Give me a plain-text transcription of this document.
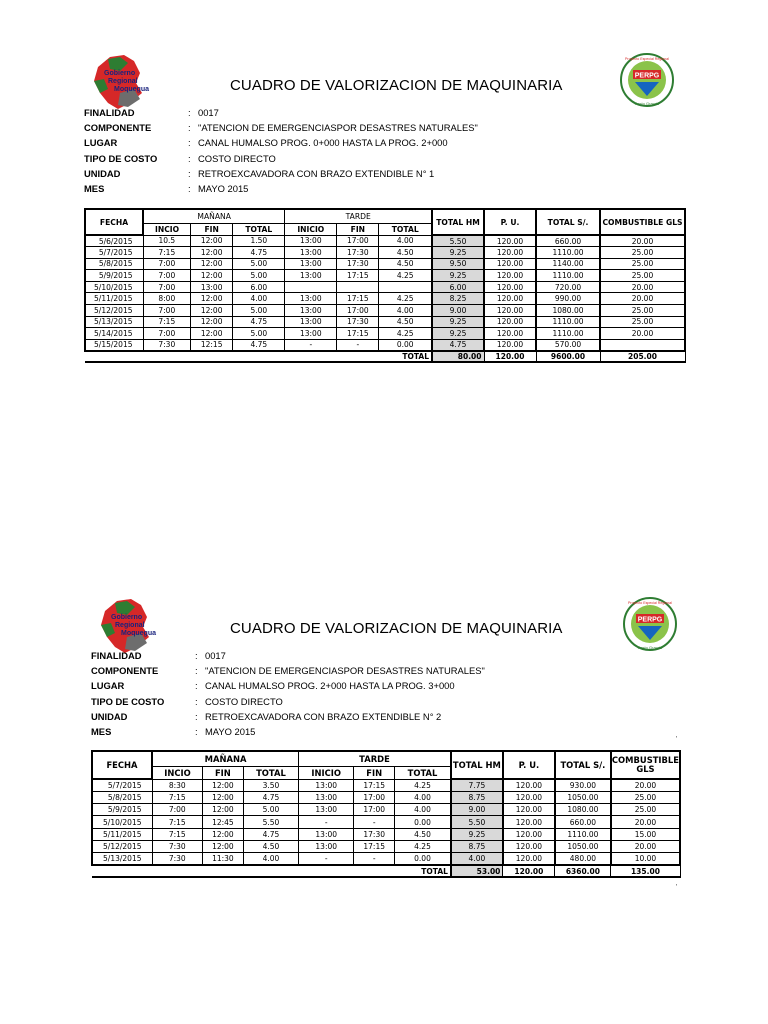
Gobierno
Regional
Moquegua	CUADRO DE VALORIZACION DE MAQUINARIA
PERPG
Proyecto Especial Regional
Pasto Grande
FINALIDAD	: 0017
COMPONENTE	: "ATENCION DE EMERGENCIASPOR DESASTRES NATURALES"
LUGAR	: CANAL HUMALSO PROG. 0+000 HASTA LA PROG. 2+000
TIPO DE COSTO	: COSTO DIRECTO
UNIDAD	: RETROEXCAVADORA CON BRAZO EXTENDIBLE N° 1
MES	: MAYO 2015
FECHA	MAÑANA			TARDE			TOTAL HM	P. U.	TOTAL S/.	COMBUSTIBLE GLS
	INCIO	FIN	TOTAL	INICIO	FIN	TOTAL				
5/6/2015	10.5	12:00	1.50	13:00	17:00	4.00	5.50	120.00	660.00	20.00
5/7/2015	7:15	12:00	4.75	13:00	17:30	4.50	9.25	120.00	1110.00	25.00
5/8/2015	7:00	12:00	5.00	13:00	17:30	4.50	9.50	120.00	1140.00	25.00
5/9/2015	7:00	12:00	5.00	13:00	17:15	4.25	9.25	120.00	1110.00	25.00
5/10/2015	7:00	13:00	6.00				6.00	120.00	720.00	20.00
5/11/2015	8:00	12:00	4.00	13:00	17:15	4.25	8.25	120.00	990.00	20.00
5/12/2015	7:00	12:00	5.00	13:00	17:00	4.00	9.00	120.00	1080.00	25.00
5/13/2015	7:15	12:00	4.75	13:00	17:30	4.50	9.25	120.00	1110.00	25.00
5/14/2015	7:00	12:00	5.00	13:00	17:15	4.25	9.25	120.00	1110.00	20.00
5/15/2015	7:30	12:15	4.75	-	-	0.00	4.75	120.00	570.00	
TOTAL							80.00	120.00	9600.00	205.00

Gobierno
Regional
Moquegua	CUADRO DE VALORIZACION DE MAQUINARIA	PERPG
Proyecto Especial Regional
Pasto Grande
FINALIDAD	: 0017
COMPONENTE	: "ATENCION DE EMERGENCIASPOR DESASTRES NATURALES"
LUGAR	: CANAL HUMALSO PROG. 2+000 HASTA LA PROG. 3+000
TIPO DE COSTO	: COSTO DIRECTO
UNIDAD	: RETROEXCAVADORA CON BRAZO EXTENDIBLE N° 2
MES	: MAYO 2015
FECHA	MAÑANA			TARDE			TOTAL HM	P. U.	TOTAL S/.	COMBUSTIBLE GLS
	INCIO	FIN	TOTAL	INICIO	FIN	TOTAL				
5/7/2015	8:30	12:00	3.50	13:00	17:15	4.25	7.75	120.00	930.00	20.00
5/8/2015	7:15	12:00	4.75	13:00	17:00	4.00	8.75	120.00	1050.00	25.00
5/9/2015	7:00	12:00	5.00	13:00	17:00	4.00	9.00	120.00	1080.00	25.00
5/10/2015	7:15	12:45	5.50	-	-	0.00	5.50	120.00	660.00	20.00
5/11/2015	7:15	12:00	4.75	13:00	17:30	4.50	9.25	120.00	1110.00	15.00
5/12/2015	7:30	12:00	4.50	13:00	17:15	4.25	8.75	120.00	1050.00	20.00
5/13/2015	7:30	11:30	4.00	-	-	0.00	4.00	120.00	480.00	10.00
TOTAL							53.00	120.00	6360.00	135.00

'
'
